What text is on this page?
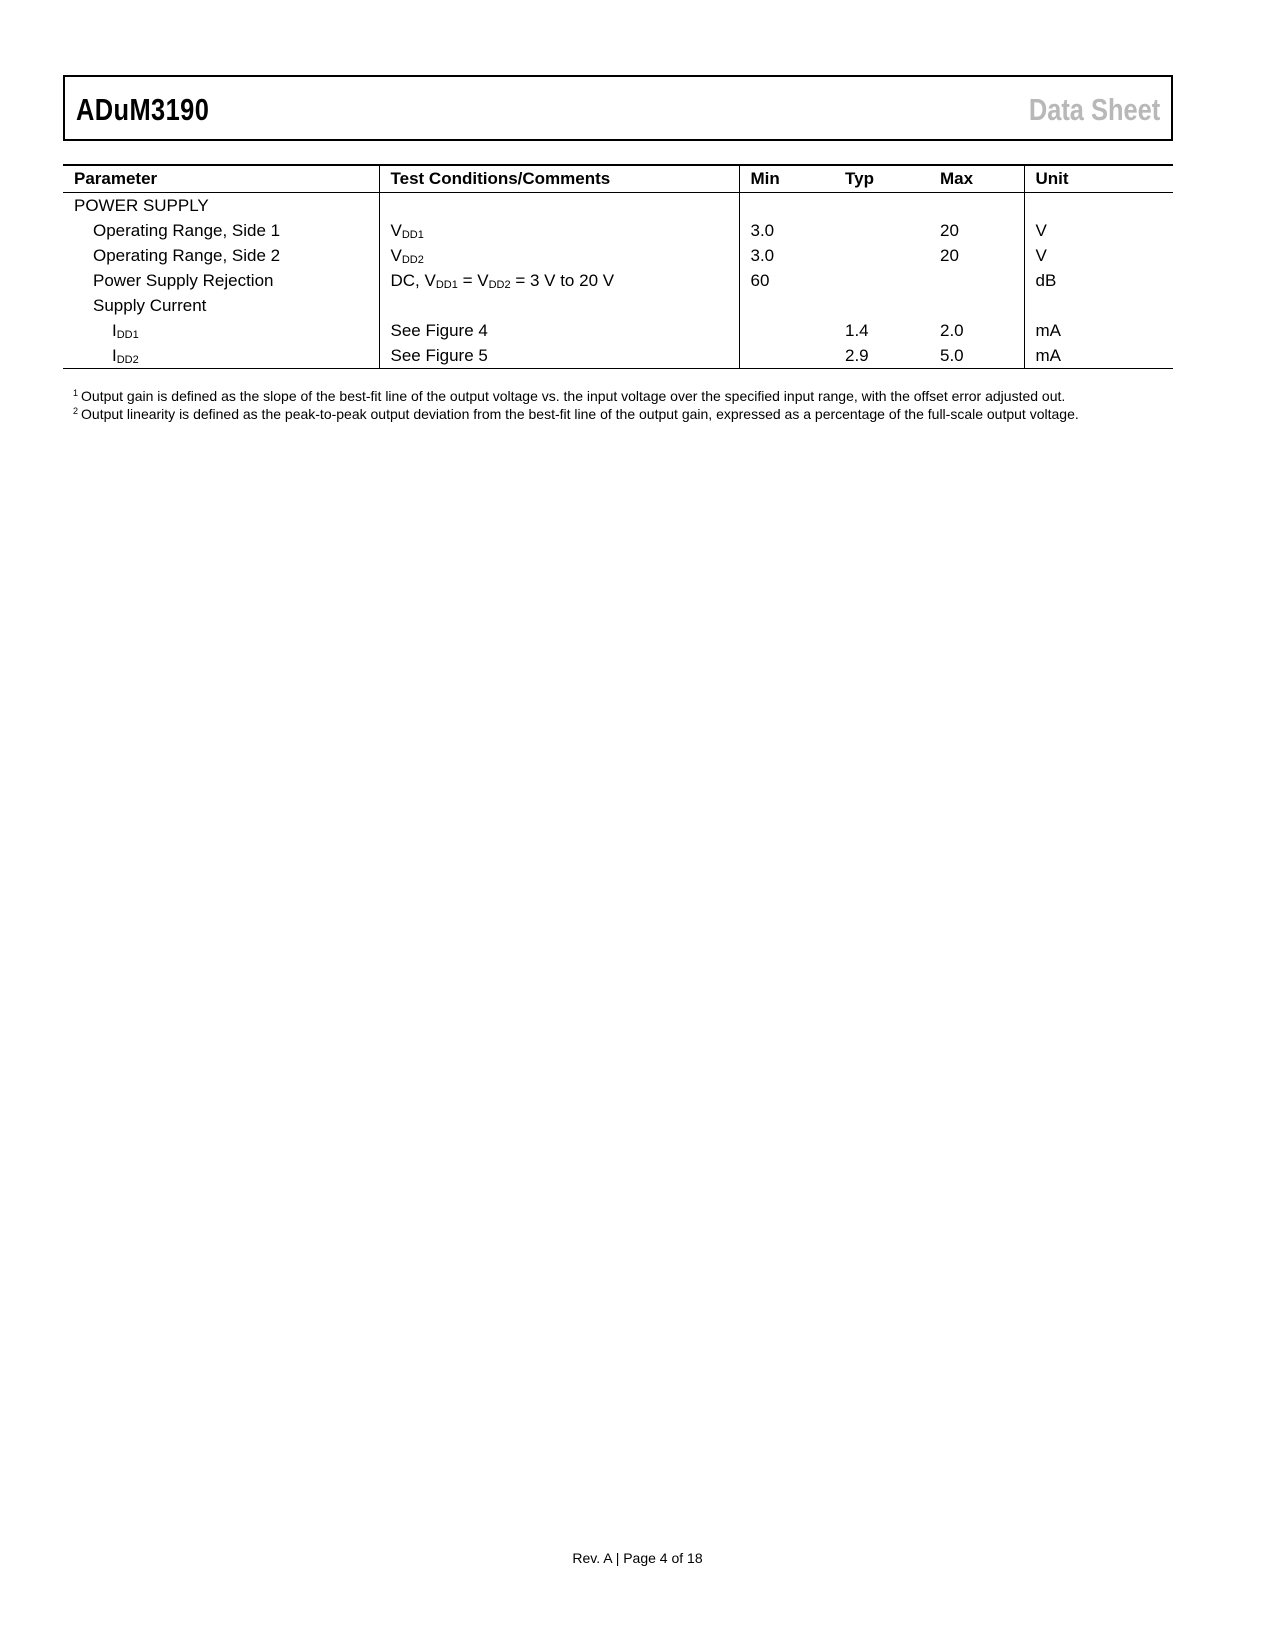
ADuM3190	Data Sheet
Parameter	Test Conditions/Comments	Min	Typ	Max	Unit
POWER SUPPLY					
Operating Range, Side 1	VDD1	3.0		20	V
Operating Range, Side 2	VDD2	3.0		20	V
Power Supply Rejection	DC, VDD1 = VDD2 = 3 V to 20 V	60			dB
Supply Current					
IDD1	See Figure 4		1.4	2.0	mA
IDD2	See Figure 5		2.9	5.0	mA
$^1$ Output gain is defined as the slope of the best-fit line of the output voltage vs. the input voltage over the specified input range, with the offset error adjusted out.
$^2$ Output linearity is defined as the peak-to-peak output deviation from the best-fit line of the output gain, expressed as a percentage of the full-scale output voltage.
Rev. A | Page 4 of 18
